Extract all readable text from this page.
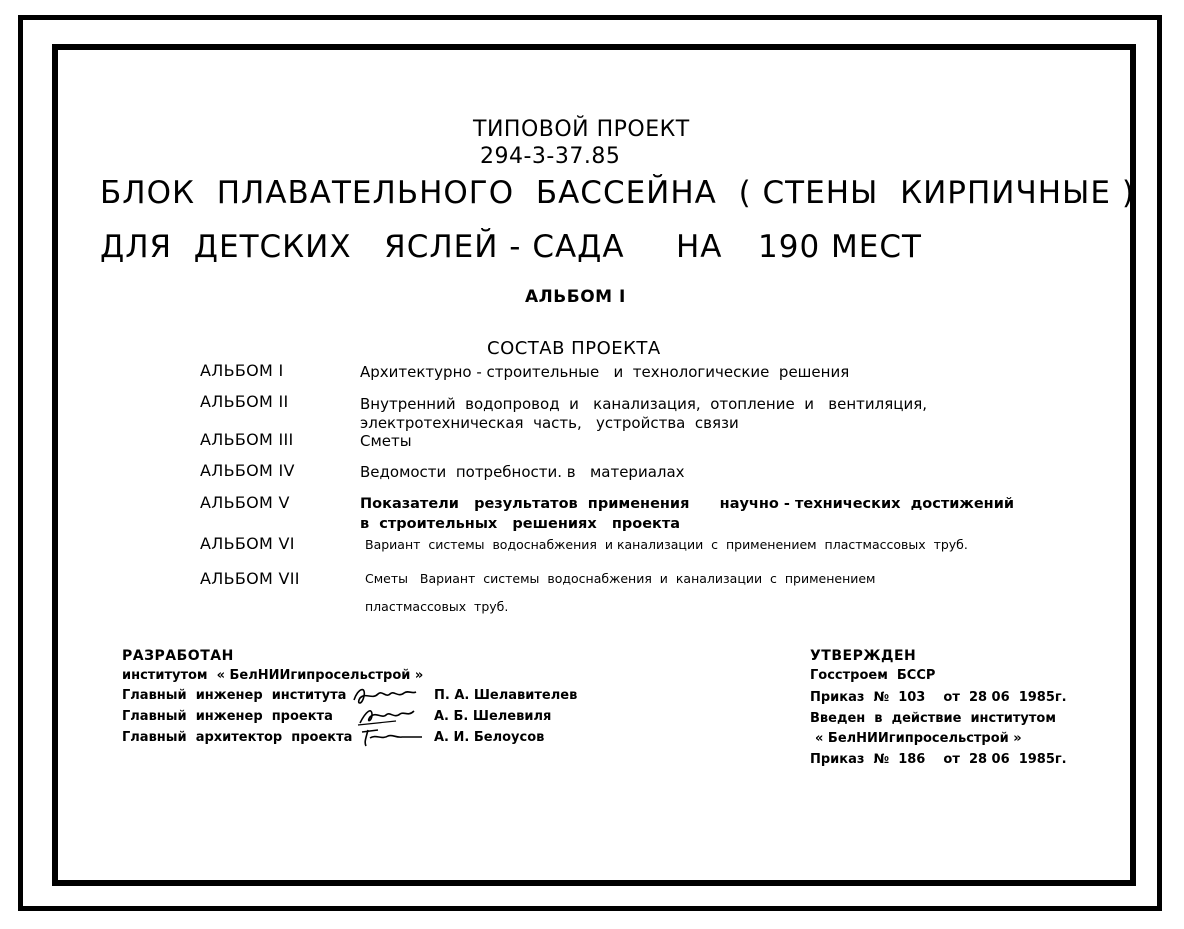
ТИПОВОЙ ПРОЕКТ
294-3-37.85
БЛОК  ПЛАВАТЕЛЬНОГО  БАССЕЙНА  ( СТЕНЫ  КИРПИЧНЫЕ )
ДЛЯ  ДЕТСКИХ   ЯСЛЕЙ - САДА НА 190 МЕСТ
АЛЬБОМ I
СОСТАВ ПРОЕКТА
АЛЬБОМ I	Архитектурно - строительные   и  технологические  решения
АЛЬБОМ II	Внутренний  водопровод  и   канализация,  отопление  и   вентиляция,
электротехническая  часть,   устройства  связи
АЛЬБОМ III	Сметы
АЛЬБОМ IV	Ведомости  потребности. в   материалах
АЛЬБОМ V	Показатели   результатов  применения      научно - технических  достижений
в  строительных   решениях   проекта
АЛЬБОМ VI	Вариант  системы  водоснабжения  и канализации  с  применением  пластмассовых  труб.
АЛЬБОМ VII	Сметы   Вариант  системы  водоснабжения  и  канализации  с  применением
пластмассовых  труб.
РАЗРАБОТАН
институтом  « БелНИИгипросельстрой »
Главный  инженер  института	П. А. Шелавителев
Главный  инженер  проекта	А. Б. Шелевиля
Главный  архитектор  проекта	А. И. Белоусов
УТВЕРЖДЕН
Госстроем  БССР
Приказ  №  103    от  28 06  1985г.
Введен  в  действие  институтом
« БелНИИгипросельстрой »
Приказ  №  186    от  28 06  1985г.
